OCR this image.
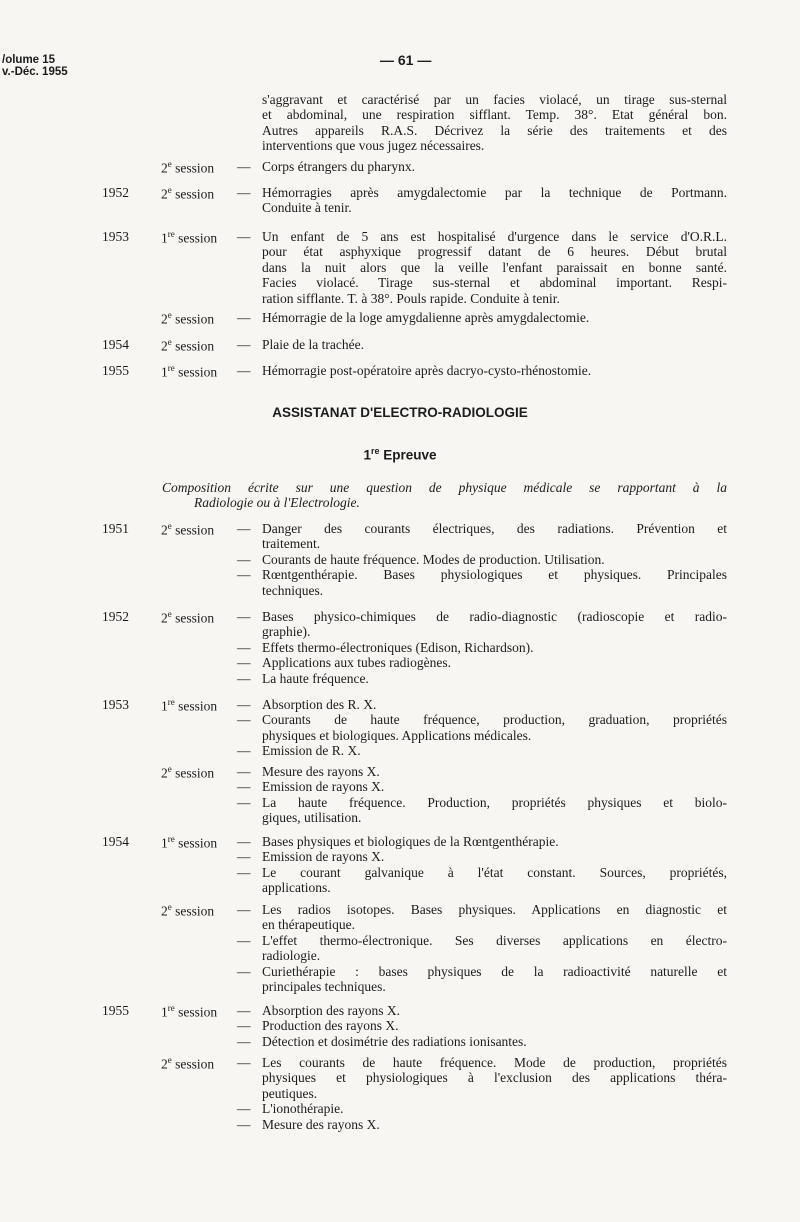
/olume 15
v.-Déc. 1955
— 61 —
s'aggravant et caractérisé par un facies violacé, un tirage sus-sternal
et abdominal, une respiration sifflant. Temp. 38°. Etat général bon.
Autres appareils R.A.S. Décrivez la série des traitements et des
interventions que vous jugez nécessaires.
2e session — Corps étrangers du pharynx.
1952 2e session — Hémorragies après amygdalectomie par la technique de Portmann.
Conduite à tenir.
1953 1re session — Un enfant de 5 ans est hospitalisé d'urgence dans le service d'O.R.L.
pour état asphyxique progressif datant de 6 heures. Début brutal
dans la nuit alors que la veille l'enfant paraissait en bonne santé.
Facies violacé. Tirage sus-sternal et abdominal important. Respi-
ration sifflante. T. à 38°. Pouls rapide. Conduite à tenir.
2e session — Hémorragie de la loge amygdalienne après amygdalectomie.
1954 2e session — Plaie de la trachée.
1955 1re session — Hémorragie post-opératoire après dacryo-cysto-rhénostomie.
1951 2e session — Danger des courants électriques, des radiations. Prévention et
traitement.
— Courants de haute fréquence. Modes de production. Utilisation.
— Rœntgenthérapie. Bases physiologiques et physiques. Principales
techniques.
1952 2e session — Bases physico-chimiques de radio-diagnostic (radioscopie et radio-
graphie).
— Effets thermo-électroniques (Edison, Richardson).
— Applications aux tubes radiogènes.
— La haute fréquence.
1953 1re session — Absorption des R. X.
— Courants de haute fréquence, production, graduation, propriétés
physiques et biologiques. Applications médicales.
— Emission de R. X.
2e session — Mesure des rayons X.
— Emission de rayons X.
— La haute fréquence. Production, propriétés physiques et biolo-
giques, utilisation.
1954 1re session — Bases physiques et biologiques de la Rœntgenthérapie.
— Emission de rayons X.
— Le courant galvanique à l'état constant. Sources, propriétés,
applications.
2e session — Les radios isotopes. Bases physiques. Applications en diagnostic et
en thérapeutique.
— L'effet thermo-électronique. Ses diverses applications en électro-
radiologie.
— Curiethérapie : bases physiques de la radioactivité naturelle et
principales techniques.
1955 1re session — Absorption des rayons X.
— Production des rayons X.
— Détection et dosimétrie des radiations ionisantes.
2e session — Les courants de haute fréquence. Mode de production, propriétés
physiques et physiologiques à l'exclusion des applications théra-
peutiques.
— L'ionothérapie.
— Mesure des rayons X.
ASSISTANAT D'ELECTRO-RADIOLOGIE
1re Epreuve
Composition écrite sur une question de physique médicale se rapportant à la
Radiologie ou à l'Electrologie.
